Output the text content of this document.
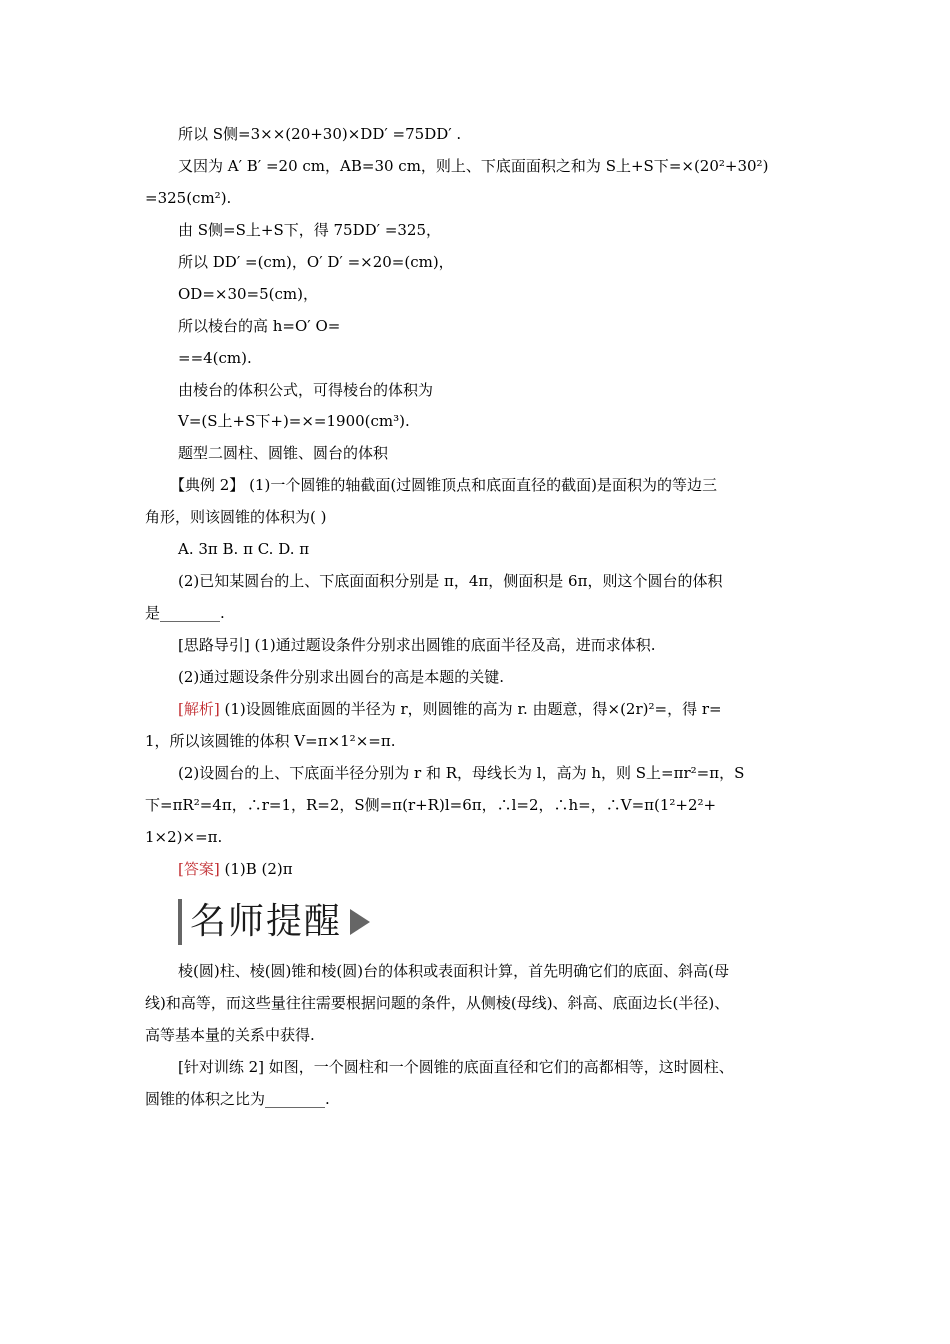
所以 S侧=3××(20+30)×DD′ =75DD′ .
又因为 A′ B′ =20 cm，AB=30 cm，则上、下底面面积之和为 S上+S下=×(20²+30²)
=325(cm²).
由 S侧=S上+S下，得 75DD′ =325，
所以 DD′ =(cm)，O′ D′ =×20=(cm)，
OD=×30=5(cm)，
所以棱台的高 h=O′ O=
==4(cm).
由棱台的体积公式，可得棱台的体积为
V=(S上+S下+)=×=1900(cm³).
题型二圆柱、圆锥、圆台的体积
【典例 2】 (1)一个圆锥的轴截面(过圆锥顶点和底面直径的截面)是面积为的等边三
角形，则该圆锥的体积为( )
A. 3π B. π C. D. π
(2)已知某圆台的上、下底面面积分别是 π，4π，侧面积是 6π，则这个圆台的体积
是________.
[思路导引] (1)通过题设条件分别求出圆锥的底面半径及高，进而求体积.
(2)通过题设条件分别求出圆台的高是本题的关键.
[解析] (1)设圆锥底面圆的半径为 r，则圆锥的高为 r. 由题意，得×(2r)²=，得 r=
1，所以该圆锥的体积 V=π×1²×=π.
(2)设圆台的上、下底面半径分别为 r 和 R，母线长为 l，高为 h，则 S上=πr²=π，S
下=πR²=4π，∴r=1，R=2，S侧=π(r+R)l=6π，∴l=2，∴h=，∴V=π(1²+2²+
1×2)×=π.
[答案] (1)B (2)π
名师提醒
棱(圆)柱、棱(圆)锥和棱(圆)台的体积或表面积计算，首先明确它们的底面、斜高(母
线)和高等，而这些量往往需要根据问题的条件，从侧棱(母线)、斜高、底面边长(半径)、
高等基本量的关系中获得.
[针对训练 2] 如图，一个圆柱和一个圆锥的底面直径和它们的高都相等，这时圆柱、
圆锥的体积之比为________.
